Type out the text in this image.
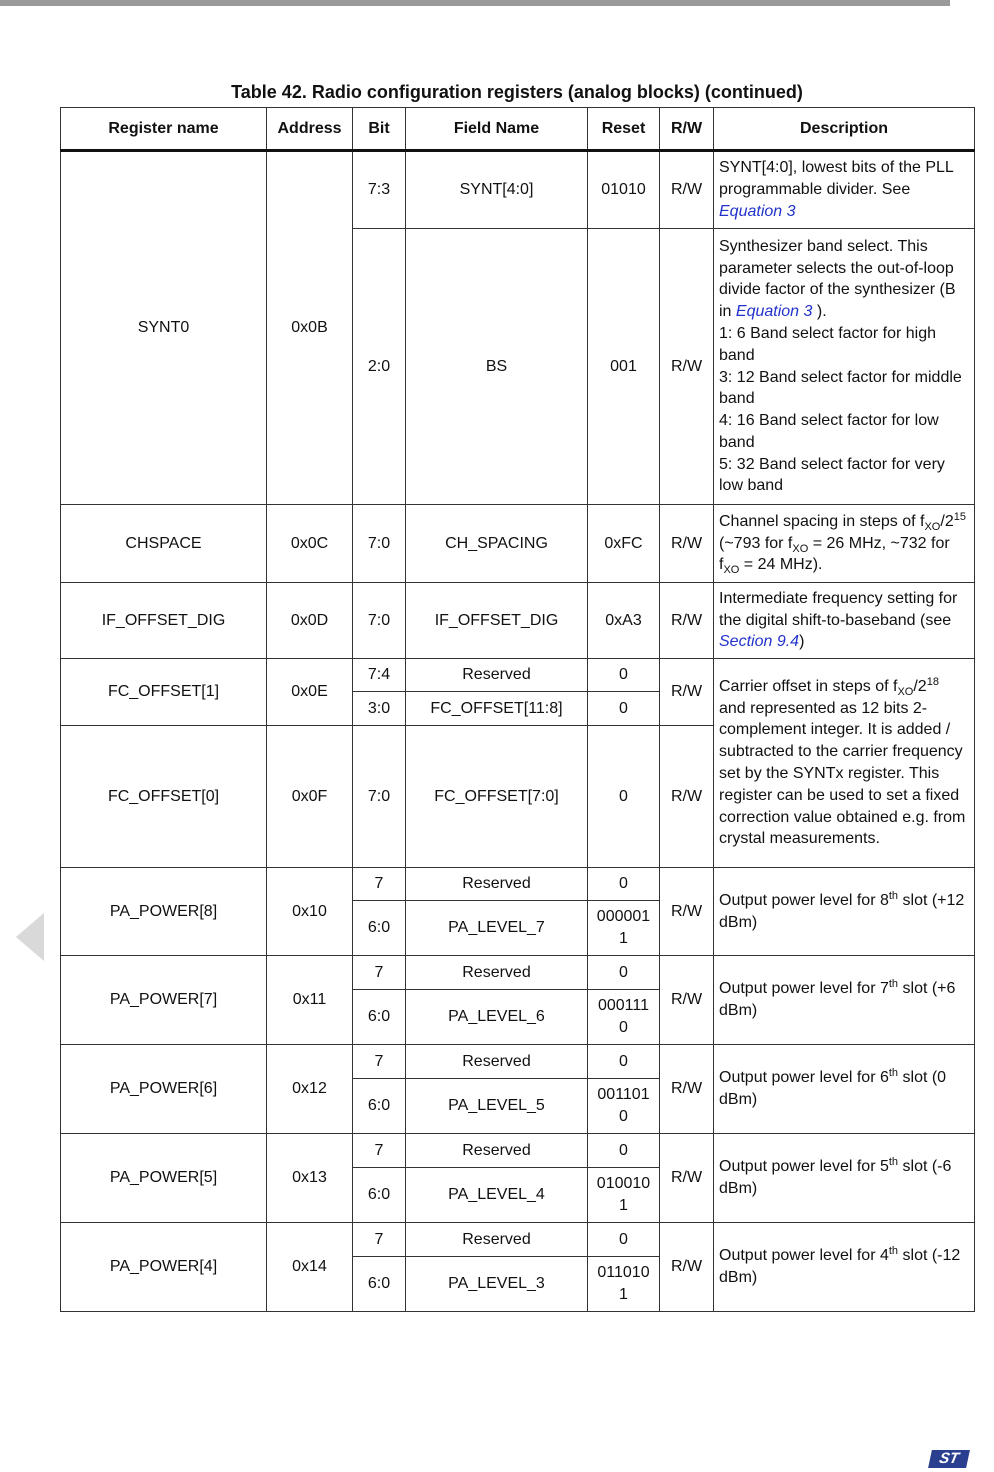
Table 42. Radio configuration registers (analog blocks) (continued)
Register name	Address	Bit	Field Name	Reset	R/W	Description
SYNT0	0x0B	7:3	SYNT[4:0]	01010	R/W	SYNT[4:0], lowest bits of the PLL programmable divider. See Equation 3
		2:0	BS	001	R/W	Synthesizer band select. This parameter selects the out-of-loop divide factor of the synthesizer (B in Equation 3 ).
1: 6 Band select factor for high band
3: 12 Band select factor for middle band
4: 16 Band select factor for low band
5: 32 Band select factor for very low band

CHSPACE	0x0C	7:0	CH_SPACING	0xFC	R/W	Channel spacing in steps of $f_{XO}/2^{15}$ (~793 for $f_{XO} = 26$ MHz, ~732 for $f_{XO} = 24$ MHz).
IF_OFFSET_DIG	0x0D	7:0	IF_OFFSET_DIG	0xA3	R/W	Intermediate frequency setting for the digital shift-to-baseband (see Section 9.4)
FC_OFFSET[1]	0x0E	7:4	Reserved	0	R/W	Carrier offset in steps of $f_{XO}/2^{18}$ and represented as 12 bits 2-complement integer. It is added / subtracted to the carrier frequency set by the SYNTx register. This register can be used to set a fixed correction value obtained e.g. from crystal measurements.
		3:0	FC_OFFSET[11:8]	0		
FC_OFFSET[0]	0x0F	7:0	FC_OFFSET[7:0]	0	R/W	
PA_POWER[8]	0x10	7	Reserved	0	R/W	Output power level for 8th slot (+12 dBm)
		6:0	PA_LEVEL_7	0000011		
PA_POWER[7]	0x11	7	Reserved	0	R/W	Output power level for 7th slot (+6 dBm)
		6:0	PA_LEVEL_6	0001110		
PA_POWER[6]	0x12	7	Reserved	0	R/W	Output power level for 6th slot (0 dBm)
		6:0	PA_LEVEL_5	0011010		
PA_POWER[5]	0x13	7	Reserved	0	R/W	Output power level for 5th slot (-6 dBm)
		6:0	PA_LEVEL_4	0100101		
PA_POWER[4]	0x14	7	Reserved	0	R/W	Output power level for 4th slot (-12 dBm)
		6:0	PA_LEVEL_3	0110101		
ST
